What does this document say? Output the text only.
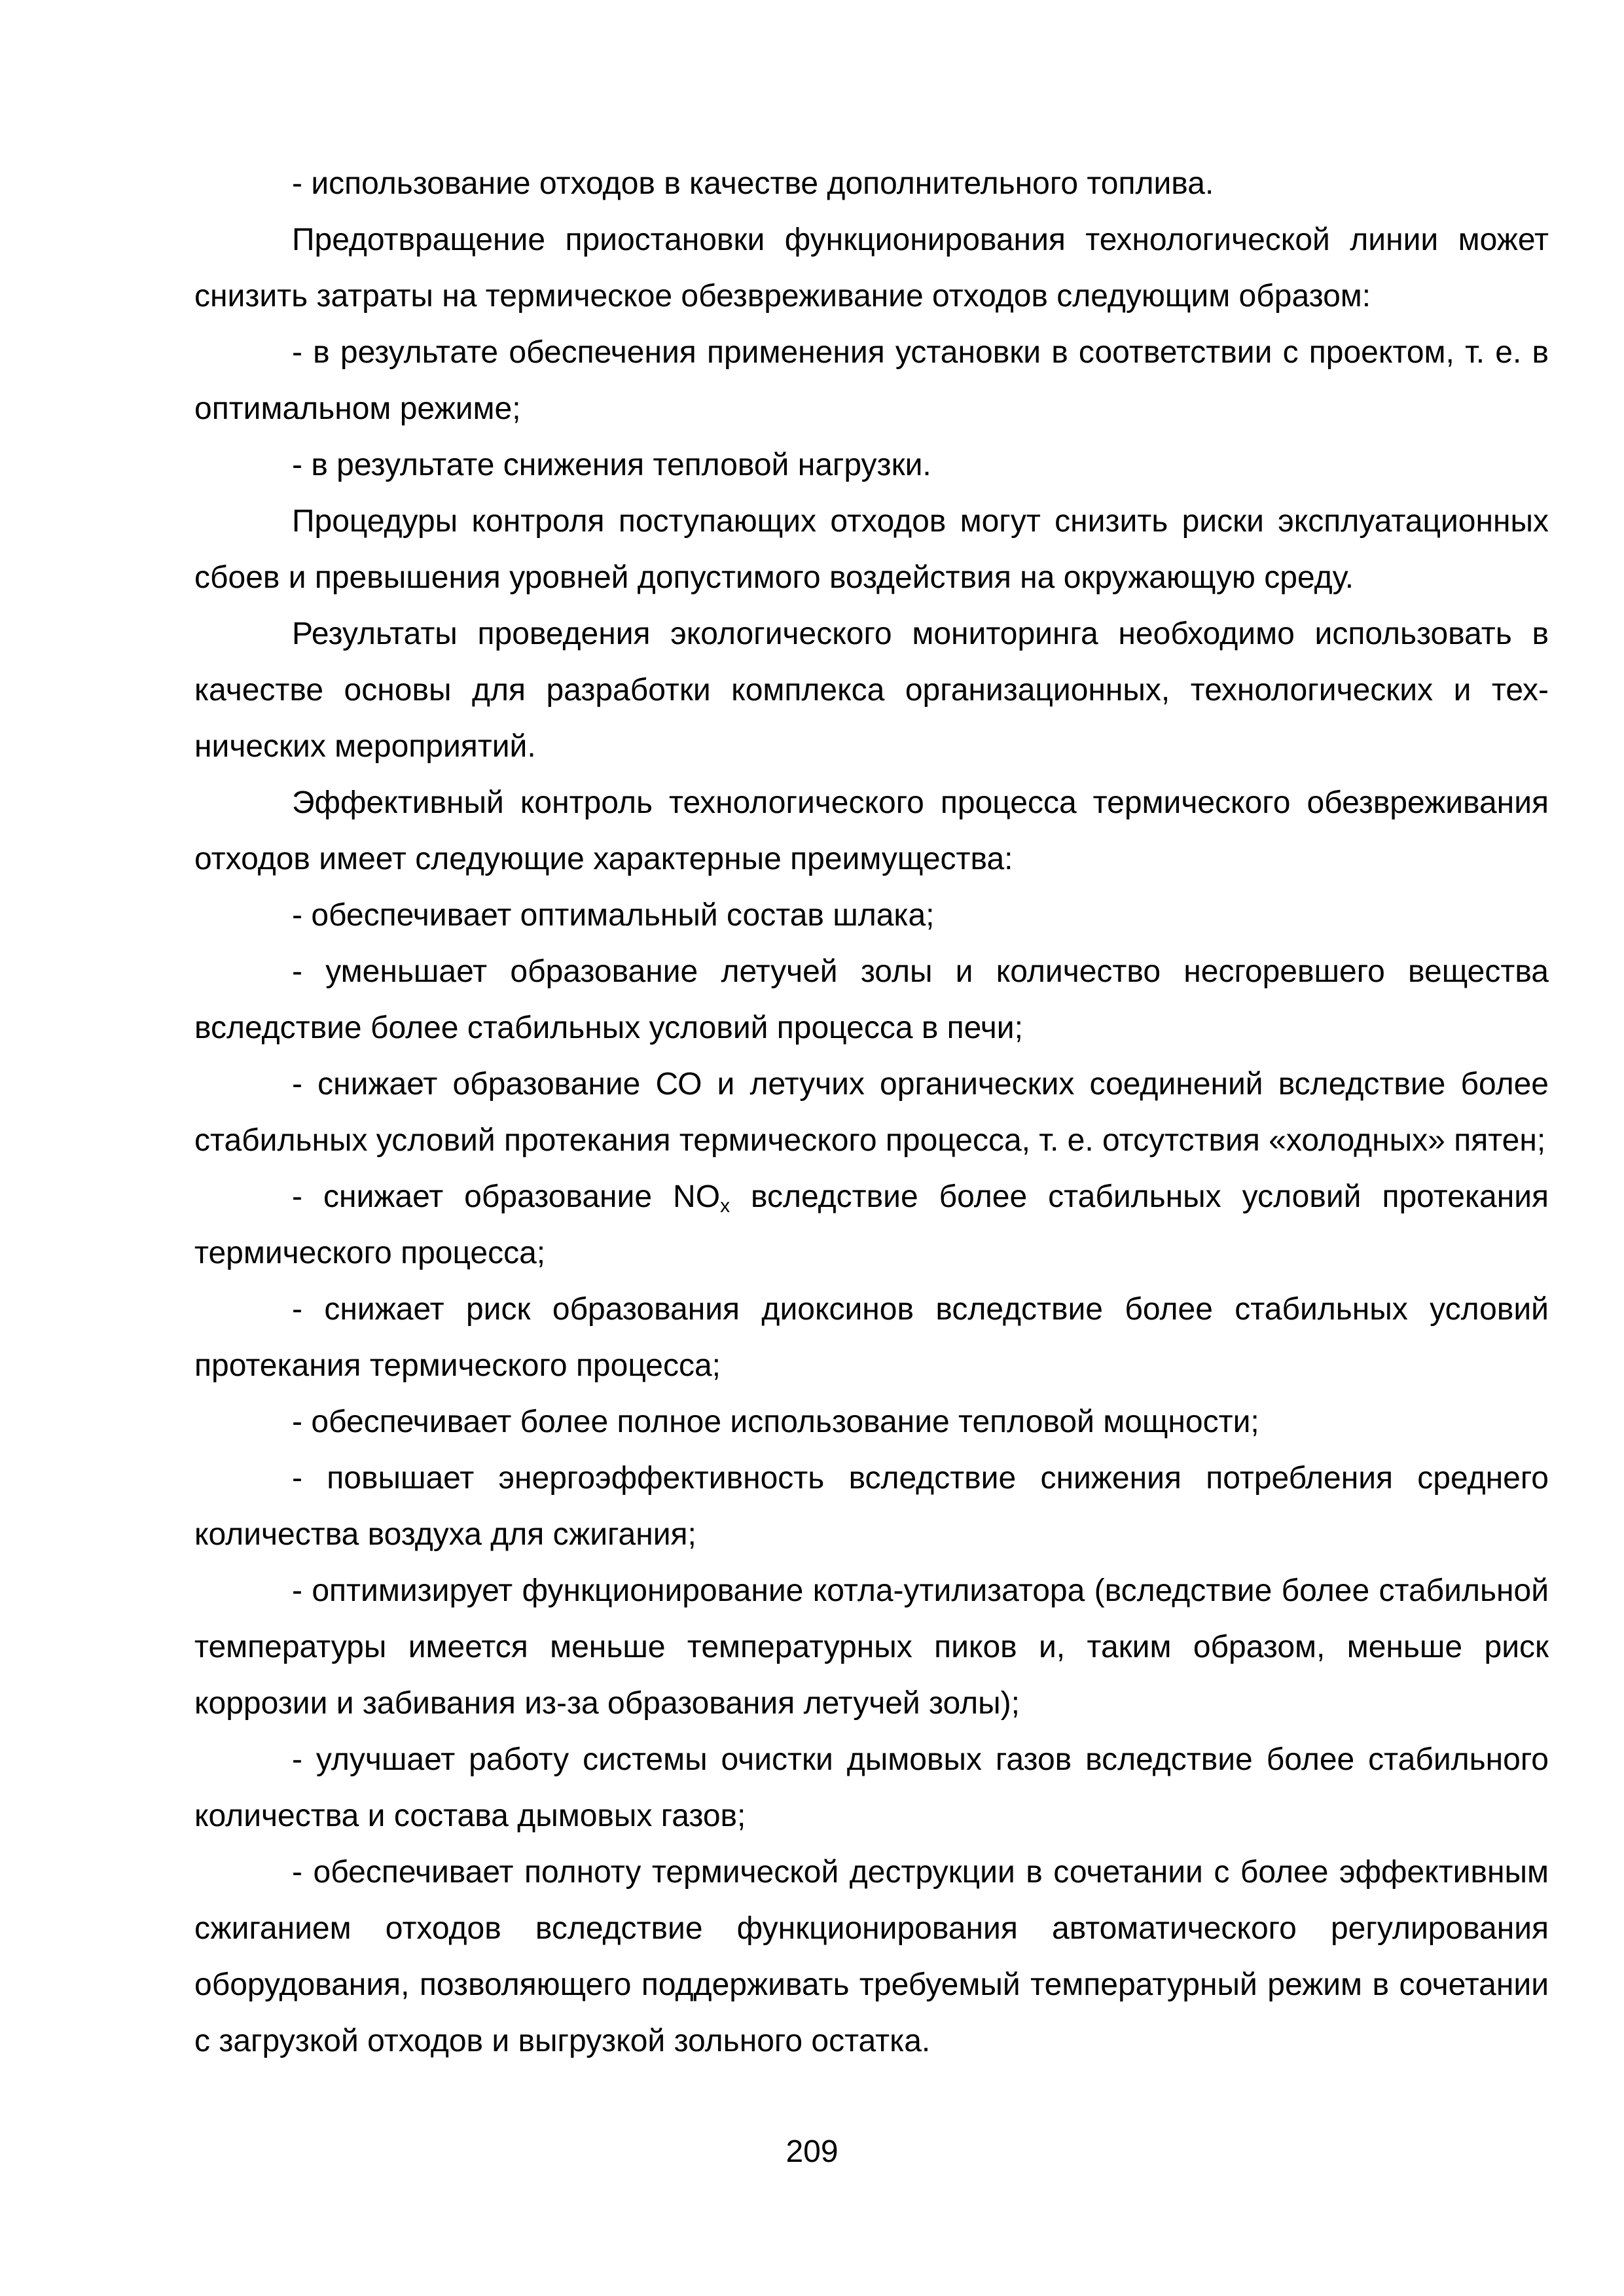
- использование отходов в качестве дополнительного топлива.

Предотвращение приостановки функционирования технологической линии может снизить затраты на термическое обезвреживание отходов следующим образом:

- в результате обеспечения применения установки в соответствии с проектом, т. е. в оптимальном режиме;

- в результате снижения тепловой нагрузки.

Процедуры контроля поступающих отходов могут снизить риски эксплуатационных сбоев и превышения уровней допустимого воздействия на окружающую среду.

Результаты проведения экологического мониторинга необходимо использовать в качестве основы для разработки комплекса организационных, технологических и технических мероприятий.

Эффективный контроль технологического процесса термического обезвреживания отходов имеет следующие характерные преимущества:

- обеспечивает оптимальный состав шлака;

- уменьшает образование летучей золы и количество несгоревшего вещества вследствие более стабильных условий процесса в печи;

- снижает образование СО и летучих органических соединений вследствие более стабильных условий протекания термического процесса, т. е. отсутствия «холодных» пятен;

- снижает образование $NO_x$ вследствие более стабильных условий протекания термического процесса;

- снижает риск образования диоксинов вследствие более стабильных условий протекания термического процесса;

- обеспечивает более полное использование тепловой мощности;

- повышает энергоэффективность вследствие снижения потребления среднего количества воздуха для сжигания;

- оптимизирует функционирование котла-утилизатора (вследствие более стабильной температуры имеется меньше температурных пиков и, таким образом, меньше риск коррозии и забивания из-за образования летучей золы);

- улучшает работу системы очистки дымовых газов вследствие более стабильного количества и состава дымовых газов;

- обеспечивает полноту термической деструкции в сочетании с более эффективным сжиганием отходов вследствие функционирования автоматического регулирования оборудования, позволяющего поддерживать требуемый температурный режим в сочетании с загрузкой отходов и выгрузкой зольного остатка.

209
